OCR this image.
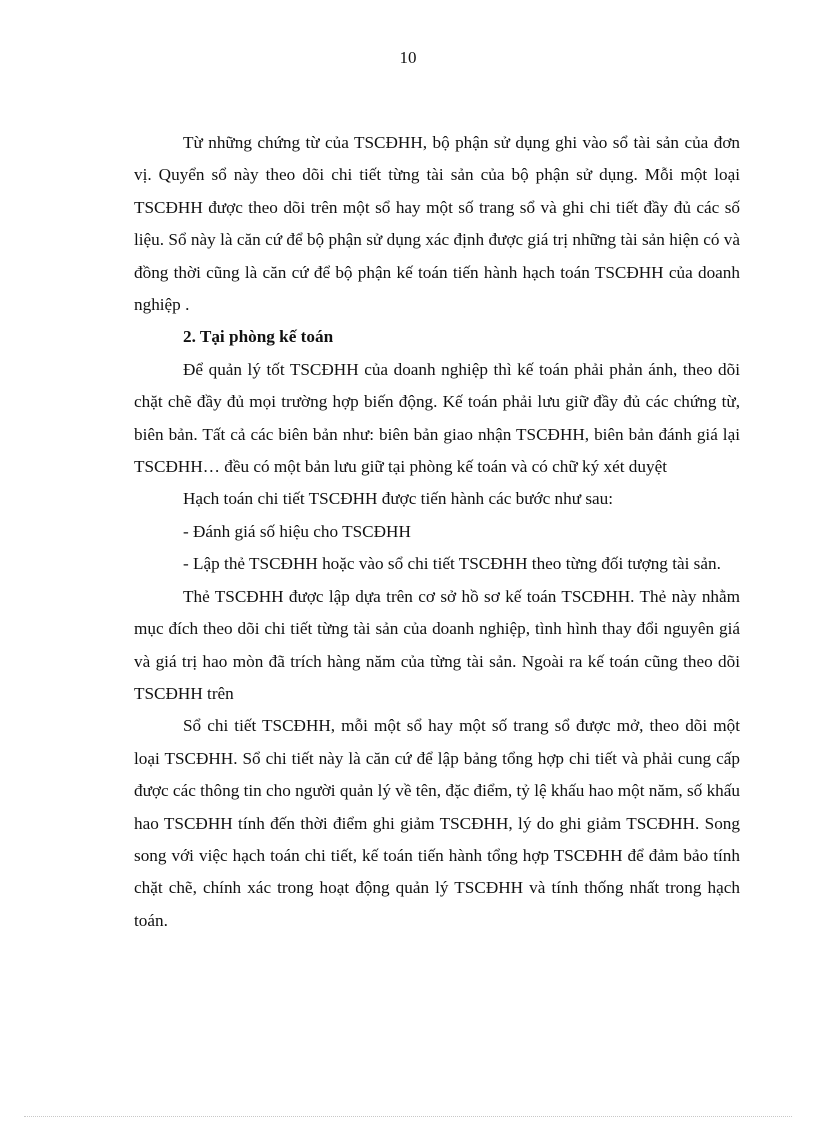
10

Từ những chứng từ của TSCĐHH, bộ phận sử dụng ghi vào sổ tài sản của đơn vị. Quyển sổ này theo dõi chi tiết từng tài sản của bộ phận sử dụng. Mỗi một loại TSCĐHH được theo dõi trên một sổ hay một số trang sổ và ghi chi tiết đầy đủ các số liệu. Sổ này là căn cứ để bộ phận sử dụng xác định được giá trị những tài sản hiện có và đồng thời cũng là căn cứ để bộ phận kế toán tiến hành hạch toán TSCĐHH của doanh nghiệp .

2. Tại phòng kế toán

Để quản lý tốt TSCĐHH của doanh nghiệp thì kế toán phải phản ánh, theo dõi chặt chẽ đầy đủ mọi trường hợp biến động. Kế toán phải lưu giữ đầy đủ các chứng từ, biên bản. Tất cả các biên bản như: biên bản giao nhận TSCĐHH, biên bản đánh giá lại TSCĐHH… đều có một bản lưu giữ tại phòng kế toán và có chữ ký xét duyệt

Hạch toán chi tiết TSCĐHH được tiến hành các bước như sau:

- Đánh giá số hiệu cho TSCĐHH

- Lập thẻ TSCĐHH hoặc vào sổ chi tiết TSCĐHH theo từng đối tượng tài sản.

Thẻ TSCĐHH được lập dựa trên cơ sở hồ sơ kế toán TSCĐHH. Thẻ này nhằm mục đích theo dõi chi tiết từng tài sản của doanh nghiệp, tình hình thay đổi nguyên giá và giá trị hao mòn đã trích hàng năm của từng tài sản. Ngoài ra kế toán cũng theo dõi TSCĐHH trên

Sổ chi tiết TSCĐHH, mỗi một sổ hay một số trang sổ được mở, theo dõi một loại TSCĐHH. Sổ chi tiết này là căn cứ để lập bảng tổng hợp chi tiết và phải cung cấp được các thông tin cho người quản lý về tên, đặc điểm, tỷ lệ khấu hao một năm, số khấu hao TSCĐHH tính đến thời điểm ghi giảm TSCĐHH, lý do ghi giảm TSCĐHH. Song song với việc hạch toán chi tiết, kế toán tiến hành tổng hợp TSCĐHH để đảm bảo tính chặt chẽ, chính xác trong hoạt động quản lý TSCĐHH và tính thống nhất trong hạch toán.
